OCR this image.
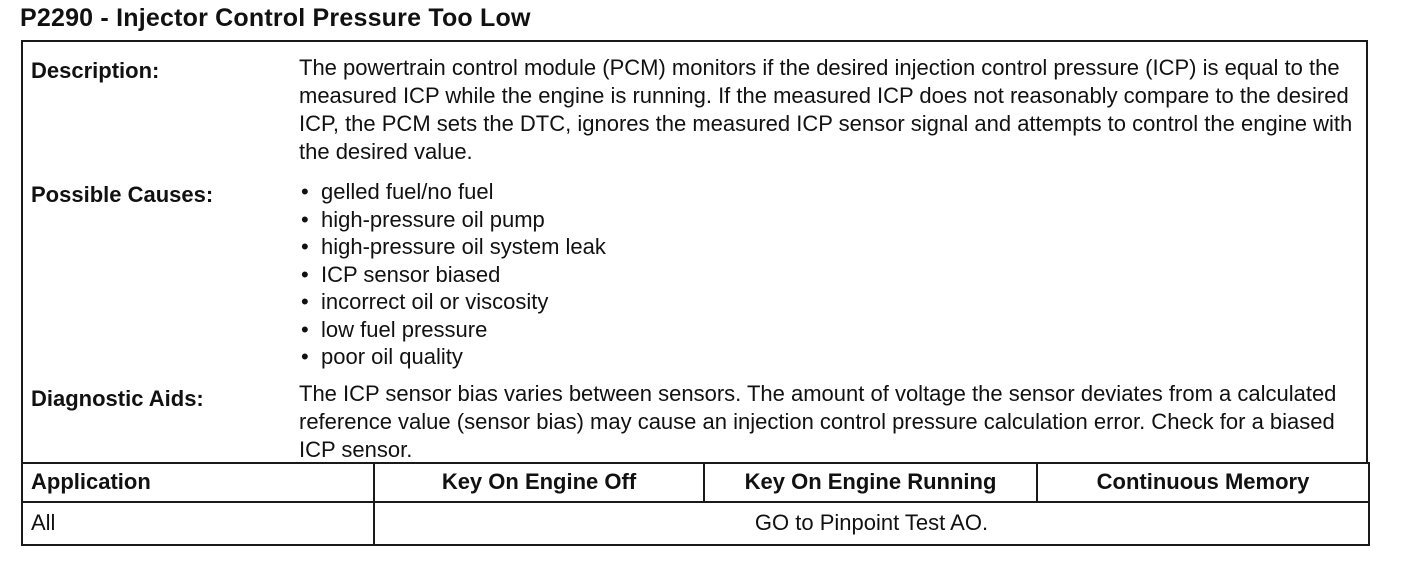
P2290 - Injector Control Pressure Too Low
Description:	The powertrain control module (PCM) monitors if the desired injection control pressure (ICP) is equal to the measured ICP while the engine is running. If the measured ICP does not reasonably compare to the desired ICP, the PCM sets the DTC, ignores the measured ICP sensor signal and attempts to control the engine with the desired value.
Possible Causes:	• gelled fuel/no fuel
• high-pressure oil pump
• high-pressure oil system leak
• ICP sensor biased
• incorrect oil or viscosity
• low fuel pressure
• poor oil quality
Diagnostic Aids:	The ICP sensor bias varies between sensors. The amount of voltage the sensor deviates from a calculated reference value (sensor bias) may cause an injection control pressure calculation error. Check for a biased ICP sensor.
Application	Key On Engine Off	Key On Engine Running	Continuous Memory
All	GO to Pinpoint Test AO.		
